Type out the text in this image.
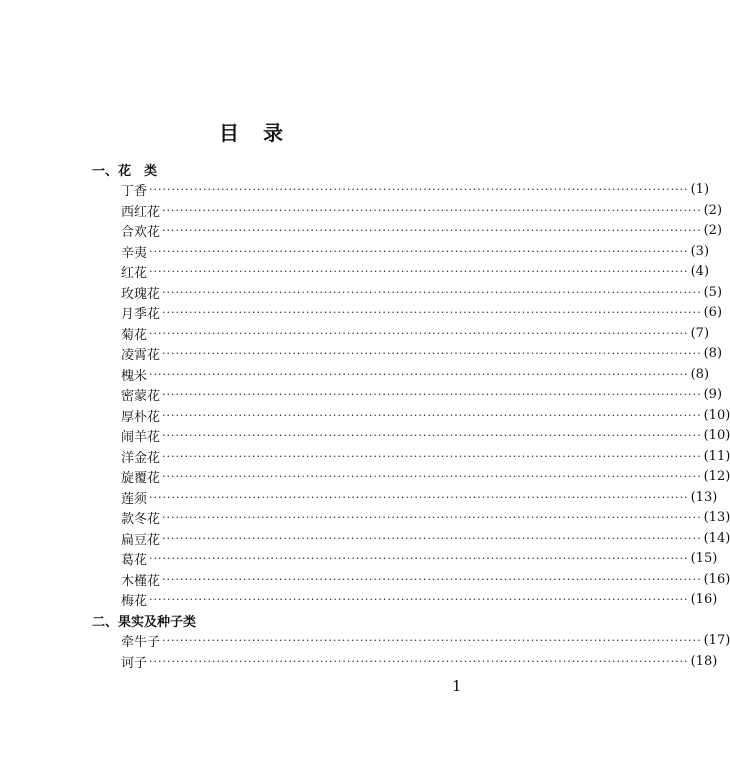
目　录
一、花　类
丁香 ························································································································ (1)
西红花 ························································································································ (2)
合欢花 ························································································································ (2)
辛夷 ························································································································ (3)
红花 ························································································································ (4)
玫瑰花 ························································································································ (5)
月季花 ························································································································ (6)
菊花 ························································································································ (7)
凌霄花 ························································································································ (8)
槐米 ························································································································ (8)
密蒙花 ························································································································ (9)
厚朴花 ························································································································ (10)
闹羊花 ························································································································ (10)
洋金花 ························································································································ (11)
旋覆花 ························································································································ (12)
莲须 ························································································································ (13)
款冬花 ························································································································ (13)
扁豆花 ························································································································ (14)
葛花 ························································································································ (15)
木槿花 ························································································································ (16)
梅花 ························································································································ (16)
二、果实及种子类
牵牛子 ························································································································ (17)
诃子 ························································································································ (18)
1
